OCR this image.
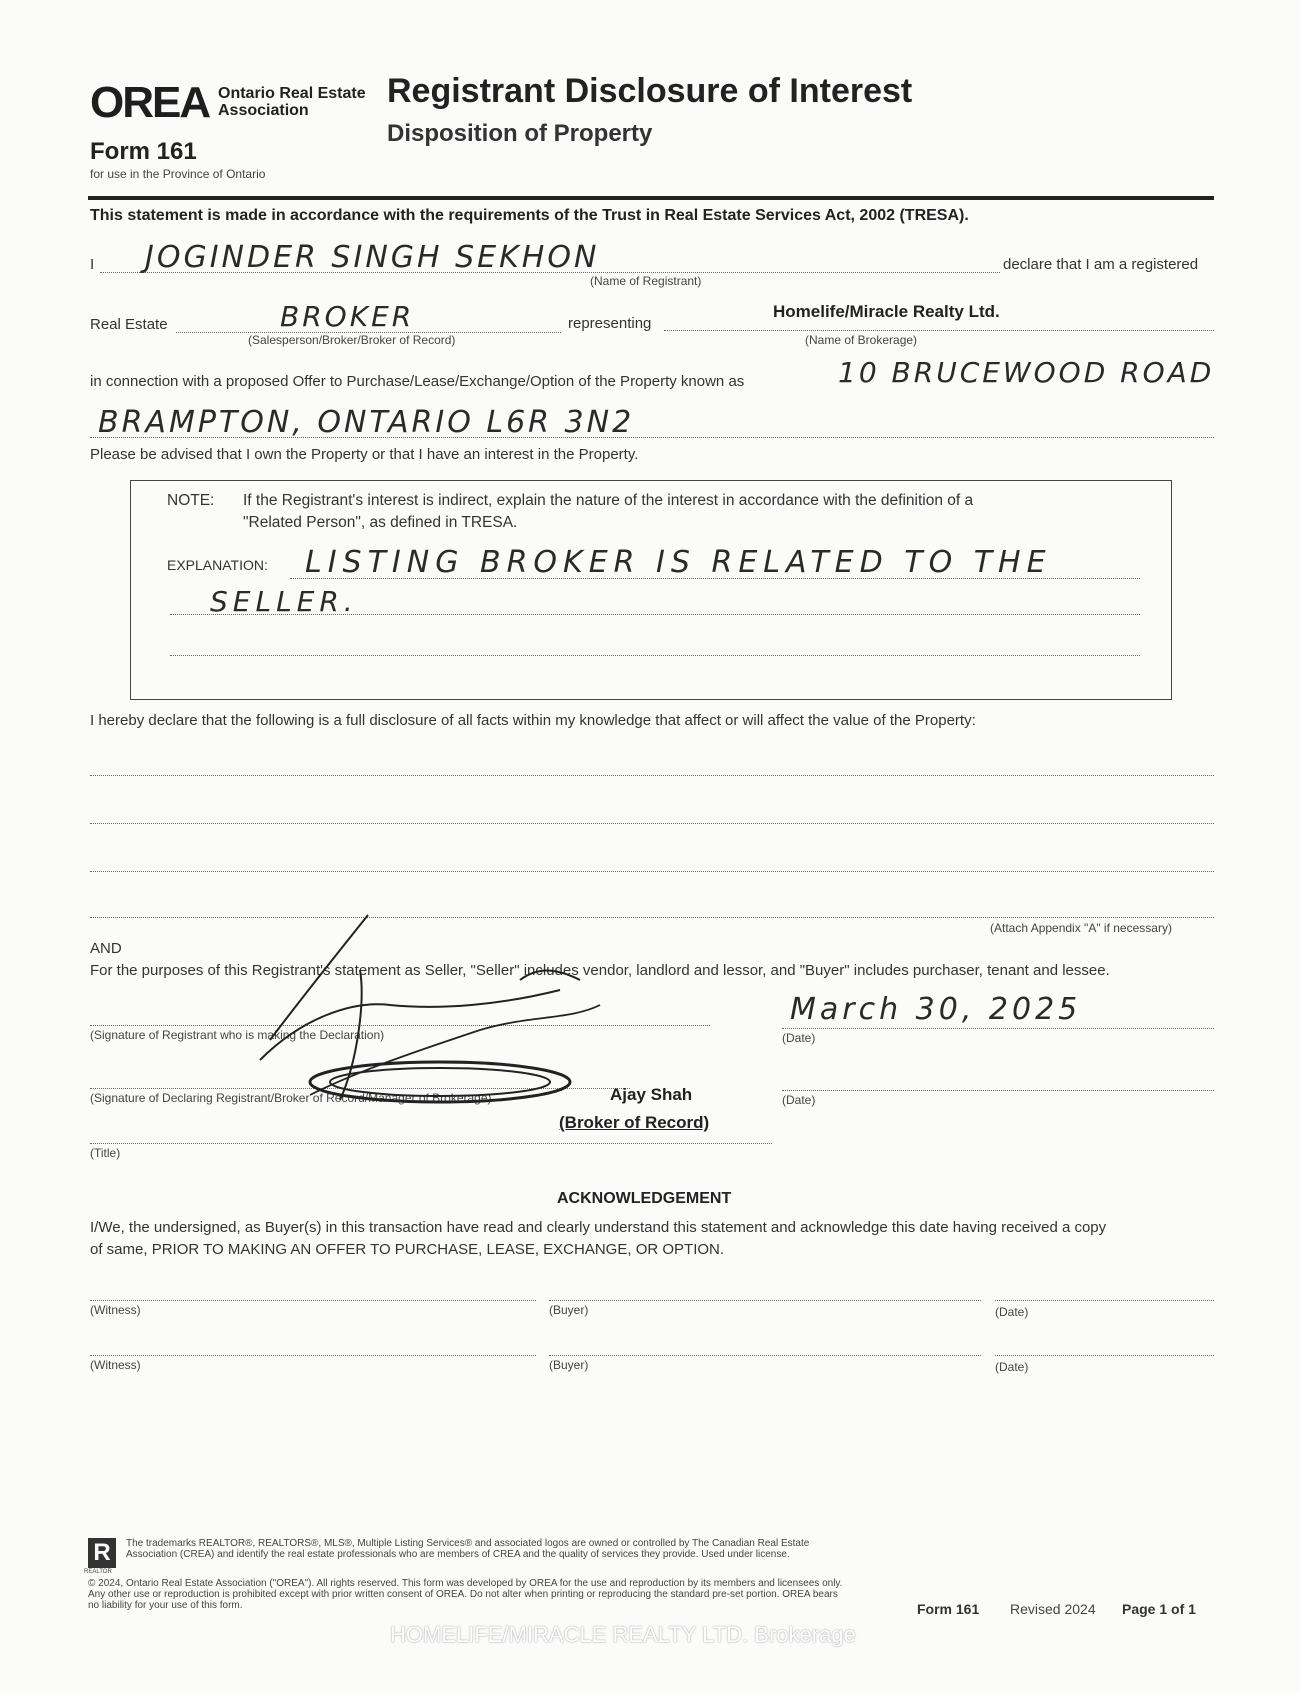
OREA Ontario Real Estate
Association
Form 161
for use in the Province of Ontario
Registrant Disclosure of Interest
Disposition of Property
This statement is made in accordance with the requirements of the Trust in Real Estate Services Act, 2002 (TRESA).
I JOGINDER SINGH SEKHON
(Name of Registrant)
declare that I am a registered
Real Estate	BROKER
(Salesperson/Broker/Broker of Record)
representing
Homelife/Miracle Realty Ltd.
(Name of Brokerage)
in connection with a proposed Offer to Purchase/Lease/Exchange/Option of the Property known as	10 BRUCEWOOD ROAD
BRAMPTON, ONTARIO L6R 3N2
Please be advised that I own the Property or that I have an interest in the Property.
NOTE: If the Registrant's interest is indirect, explain the nature of the interest in accordance with the definition of a
"Related Person", as defined in TRESA.
EXPLANATION: LISTING BROKER IS RELATED TO THE
SELLER.
I hereby declare that the following is a full disclosure of all facts within my knowledge that affect or will affect the value of the Property:
(Attach Appendix "A" if necessary)
AND
For the purposes of this Registrant's statement as Seller, "Seller" includes vendor, landlord and lessor, and "Buyer" includes purchaser, tenant and lessee.
(Signature of Registrant who is making the Declaration)
March 30, 2025
(Date)
(Signature of Declaring Registrant/Broker of Record/Manager of Brokerage)	Ajay Shah
(Broker of Record)
(Date)
(Title)
ACKNOWLEDGEMENT
I/We, the undersigned, as Buyer(s) in this transaction have read and clearly understand this statement and acknowledge this date having received a copy
of same, PRIOR TO MAKING AN OFFER TO PURCHASE, LEASE, EXCHANGE, OR OPTION.
(Witness)	(Buyer)	(Date)
(Witness)	(Buyer)	(Date)
R
REALTOR
The trademarks REALTOR®, REALTORS®, MLS®, Multiple Listing Services® and associated logos are owned or controlled by The Canadian Real Estate Association (CREA) and identify the real estate professionals who are members of CREA and the quality of services they provide. Used under license.
© 2024, Ontario Real Estate Association ("OREA"). All rights reserved. This form was developed by OREA for the use and reproduction by its members and licensees only. Any other use or reproduction is prohibited except with prior written consent of OREA. Do not alter when printing or reproducing the standard pre-set portion. OREA bears no liability for your use of this form.	Form 161 Revised 2024 Page 1 of 1
HOMELIFE/MIRACLE REALTY LTD. Brokerage
